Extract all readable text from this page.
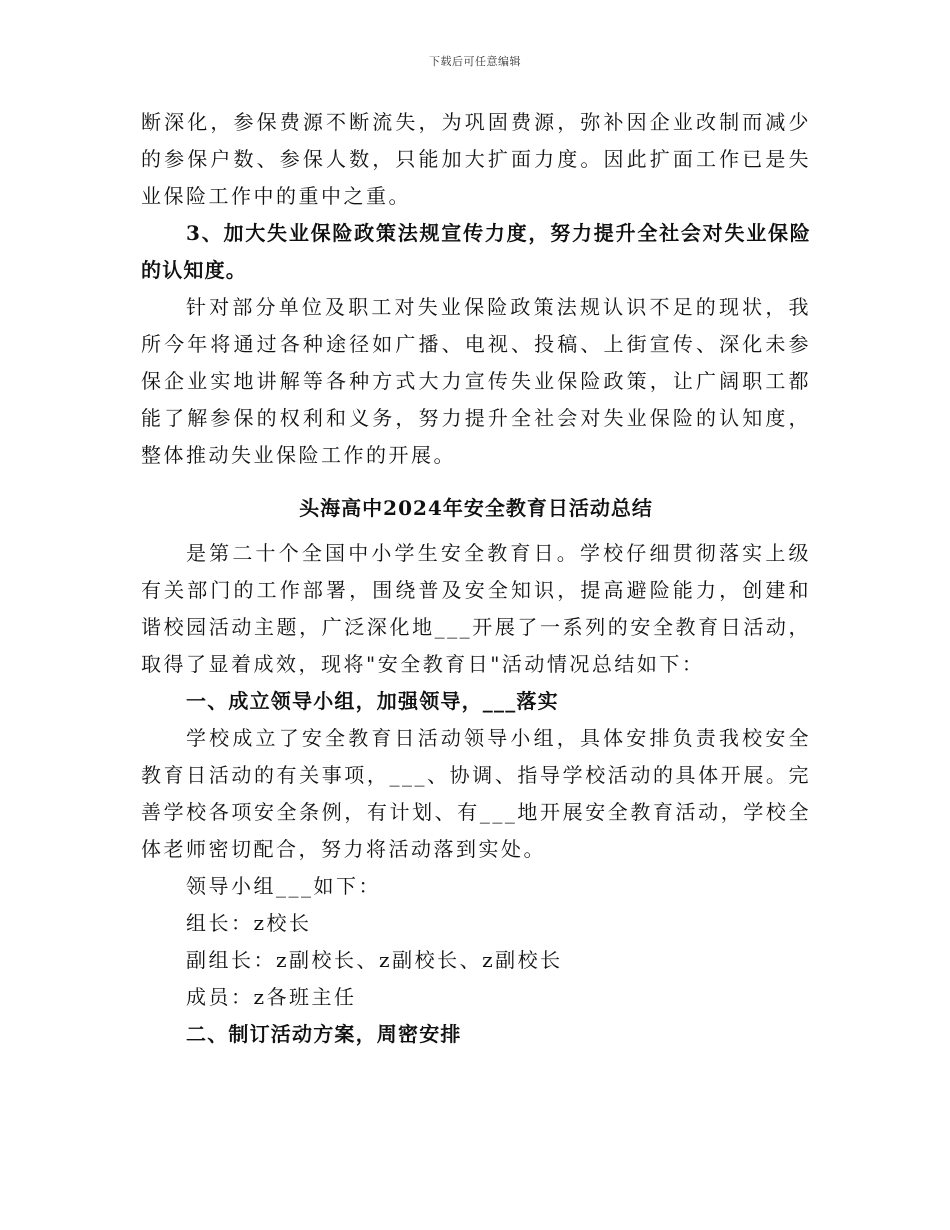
下载后可任意编辑

断深化，参保费源不断流失，为巩固费源，弥补因企业改制而减少的参保户数、参保人数，只能加大扩面力度。因此扩面工作已是失业保险工作中的重中之重。

3、加大失业保险政策法规宣传力度，努力提升全社会对失业保险的认知度。

针对部分单位及职工对失业保险政策法规认识不足的现状，我所今年将通过各种途径如广播、电视、投稿、上街宣传、深化未参保企业实地讲解等各种方式大力宣传失业保险政策，让广阔职工都能了解参保的权利和义务，努力提升全社会对失业保险的认知度，整体推动失业保险工作的开展。

头海高中2024年安全教育日活动总结

是第二十个全国中小学生安全教育日。学校仔细贯彻落实上级有关部门的工作部署，围绕普及安全知识，提高避险能力，创建和谐校园活动主题，广泛深化地___开展了一系列的安全教育日活动，取得了显着成效，现将"安全教育日"活动情况总结如下：

一、成立领导小组，加强领导，___落实

学校成立了安全教育日活动领导小组，具体安排负责我校安全教育日活动的有关事项，___、协调、指导学校活动的具体开展。完善学校各项安全条例，有计划、有___地开展安全教育活动，学校全体老师密切配合，努力将活动落到实处。

领导小组___如下：

组长：z校长

副组长：z副校长、z副校长、z副校长

成员：z各班主任

二、制订活动方案，周密安排
